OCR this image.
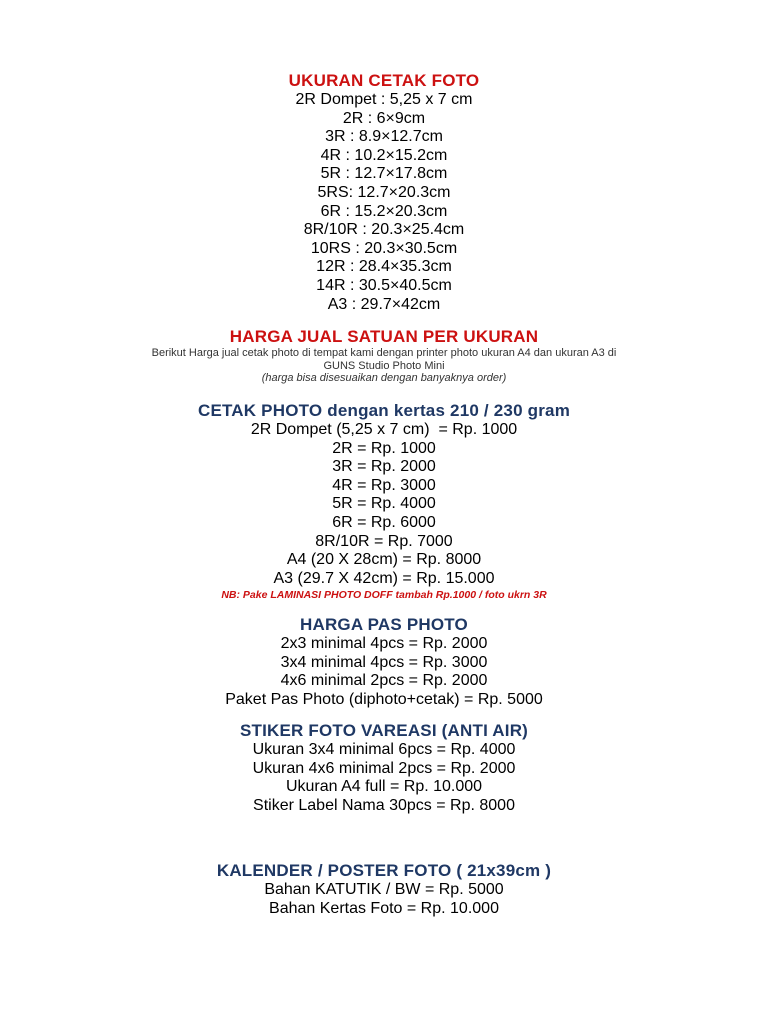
UKURAN CETAK FOTO
2R Dompet : 5,25 x 7 cm
2R : 6×9cm
3R : 8.9×12.7cm
4R : 10.2×15.2cm
5R : 12.7×17.8cm
5RS: 12.7×20.3cm
6R : 15.2×20.3cm
8R/10R : 20.3×25.4cm
10RS : 20.3×30.5cm
12R : 28.4×35.3cm
14R : 30.5×40.5cm
A3 : 29.7×42cm
HARGA JUAL SATUAN PER UKURAN
Berikut Harga jual cetak photo di tempat kami dengan printer photo ukuran A4 dan ukuran A3 di
GUNS Studio Photo Mini
(harga bisa disesuaikan dengan banyaknya order)
CETAK PHOTO dengan kertas 210 / 230 gram
2R Dompet (5,25 x 7 cm)  = Rp. 1000
2R = Rp. 1000
3R = Rp. 2000
4R = Rp. 3000
5R = Rp. 4000
6R = Rp. 6000
8R/10R = Rp. 7000
A4 (20 X 28cm) = Rp. 8000
A3 (29.7 X 42cm) = Rp. 15.000
NB: Pake LAMINASI PHOTO DOFF tambah Rp.1000 / foto ukrn 3R
HARGA PAS PHOTO
2x3 minimal 4pcs = Rp. 2000
3x4 minimal 4pcs = Rp. 3000
4x6 minimal 2pcs = Rp. 2000
Paket Pas Photo (diphoto+cetak) = Rp. 5000
STIKER FOTO VAREASI (ANTI AIR)
Ukuran 3x4 minimal 6pcs = Rp. 4000
Ukuran 4x6 minimal 2pcs = Rp. 2000
Ukuran A4 full = Rp. 10.000
Stiker Label Nama 30pcs = Rp. 8000
KALENDER / POSTER FOTO ( 21x39cm )
Bahan KATUTIK / BW = Rp. 5000
Bahan Kertas Foto = Rp. 10.000
